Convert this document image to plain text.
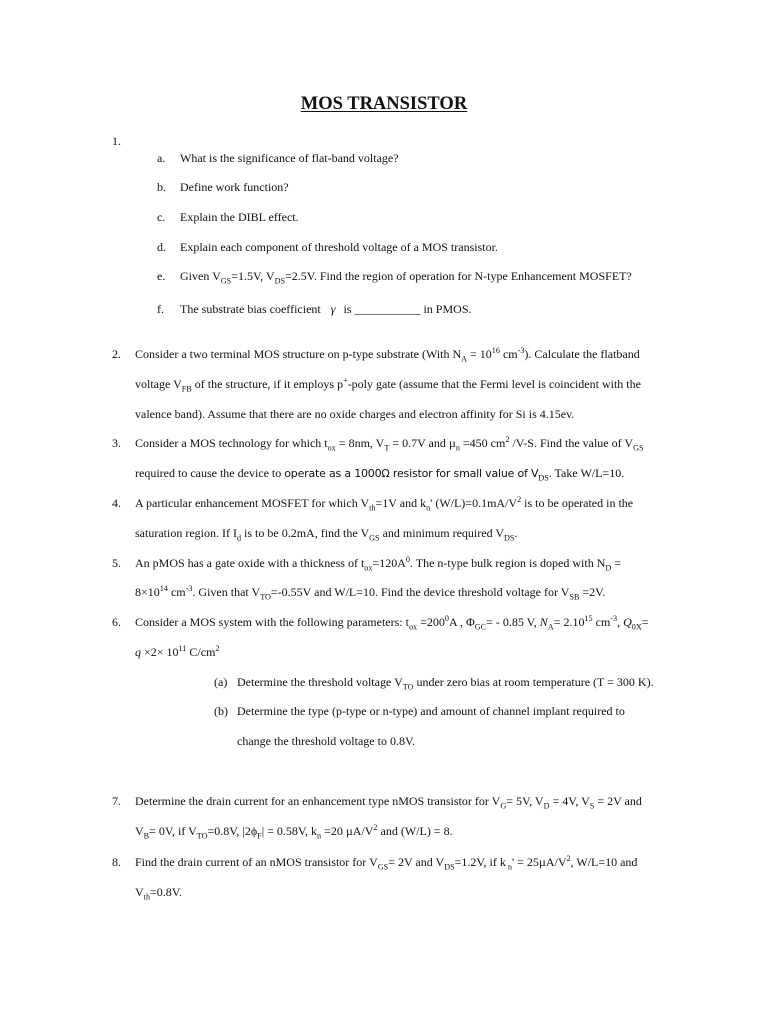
MOS TRANSISTOR
1.
a. What is the significance of flat-band voltage?
b. Define work function?
c. Explain the DIBL effect.
d. Explain each component of threshold voltage of a MOS transistor.
e. Given $V_{GS}=1.5V$, $V_{DS}=2.5V$. Find the region of operation for N-type Enhancement MOSFET?
f. The substrate bias coefficient γ is ___________ in PMOS.
2. Consider a two terminal MOS structure on p-type substrate (With $N_A = 10^{16}$ $cm^{-3}$). Calculate the flatband
voltage $V_{FB}$ of the structure, if it employs p+-poly gate (assume that the Fermi level is coincident with the
valence band). Assume that there are no oxide charges and electron affinity for Si is 4.15ev.
3. Consider a MOS technology for which $t_{ox} = 8nm$, $V_T = 0.7V$ and µ$_n$ =450 $cm^2$ /V-S. Find the value of $V_{GS}$
required to cause the device to operate as a 1000Ω resistor for small value of $V_{DS}$. Take W/L=10.
4. A particular enhancement MOSFET for which $V_{th}=1V$ and $k_n'$ $(W/L)=0.1mA/V^2$ is to be operated in the
saturation region. If $I_d$ is to be 0.2mA, find the $V_{GS}$ and minimum required $V_{DS}$.
5. An pMOS has a gate oxide with a thickness of $t_{ox}=120A^0$. The n-type bulk region is doped with $N_D$ =
$8\times 10^{14}$ $cm^{-3}$. Given that $V_{TO}=-0.55V$ and W/L=10. Find the device threshold voltage for $V_{SB} =2V$.
6. Consider a MOS system with the following parameters: $t_{ox} =200^0A$ , $\Phi_{GC}= - 0.85$ V, $N_A= 2.10^{15}$ $cm^{-3}$, $Q_{0X}=$
$q \times 2\times 10^{11}$ $C/cm^2$
(a) Determine the threshold voltage $V_{TO}$ under zero bias at room temperature (T = 300 K).
(b) Determine the type (p-type or n-type) and amount of channel implant required to
change the threshold voltage to 0.8V.
7. Determine the drain current for an enhancement type nMOS transistor for $V_G= 5V$, $V_D = 4V$, $V_S = 2V$ and
$V_B= 0V$, if $V_{TO}=0.8V$, $|2\phi_F| = 0.58V$, $k_n =20$ $\mu A/V^2$ and (W/L) = 8.
8. Find the drain current of an nMOS transistor for $V_{GS}= 2V$ and $V_{DS}=1.2V$, if k $_n' = 25\mu A/V^2$, W/L=10 and
$V_{th}=0.8V$.
